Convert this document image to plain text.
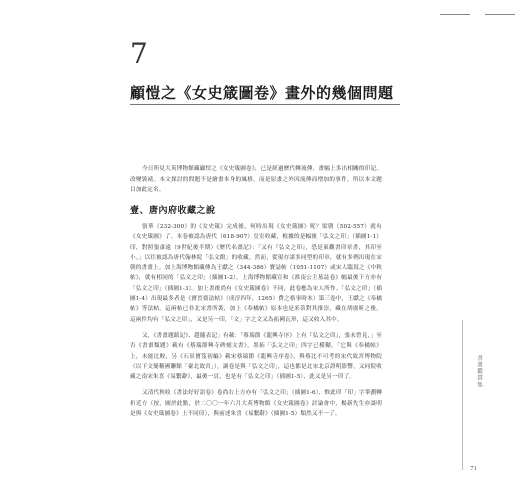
7
顧愷之《女史箴圖卷》畫外的幾個問題

今日所見大英博物館藏顧愷之《女史箴圖卷》，已是經過歷代轉流傳，畫幅上多出相關的印記、改變裝裱。本文探討的問題不是繪畫本身的風格，而是原畫之外因流傳而增加的事件，所以本文題目加此定名。

壹、唐內府收藏之說

張華（232-300）的《女史箴》完成後，何時出現《女史箴圖》呢？梁朝（502-557）就有《女史箴圖》了。本卷被認為唐代（618-907）皇室收藏，根據的是幅後「弘文之印」（插圖1-1）印，對照張彥遠（9世紀後半期）《歷代名畫記》：「又有『弘文之印』，恐是東觀書印章書，其印至小。」以往被認為唐代翰林院「弘文館」的收藏。然而，從現存諸多同型的印章，就有多例出現在宋朝的書畫上。加上海博物館藏傳為王獻之（344-386）寶誌帖（1051-1107）或宋人臨寫之《中秋帖》，就有相同的「弘文之印」（插圖1-2）。上海博物館藏宣和《淮南公主墓誌卷》幅最後下方亦有「弘文之印」（插圖1-3）。加上書後尚有《女史箴圖卷》不同，此卷應為宋人所作。「弘文之印」（插圖1-4）出現最多者是《寶晉齋法帖》（成淳四年，1265）費之格事時本）第三卷中，王獻之《奉橘帖》等法帖。這兩帖已非北宋書所裝，加上《奉橘帖》原本也是米蒂對其推崇，藏在胡虞昕之後，這兩件均有「弘文之印」，又是另一印，「文」字之文又為拓國瓦形，這又收入其中。

又，《書畫題跋記》、趙隨表記」有載：「蔡瑞節《龍興寺序》上有『弘文之印』，張未曾見，」至否《書畫類題》載有《蔡瑞節興寺碑刻文書》，墨拓「弘文之印」四字已模糊，「它與《奉橘帖》上，未能比較，另《石景寶笈初編》載宋蔡瑞節《龍興寺序卷》，與蔡比不可考的宋代故宮博物院（以下文簡稱國聯館「臺北故宮」），調卷是與「弘文之印」，這也都是北宋北京證明影響，又同院收藏之南宋朱喜《易繫辭》，最後一頁，也是有「弘文之印」（插圖1-5），此又是另一印了。

又清代秋收《書法好好語卷》卷尚右上方亦有「弘文之印」（插圖1-6），惟此印「印」字筆劃轉折近方（按，圖於此點，於二〇〇一年六月大英博物館《女史箴圖卷》討論會中，楊新先生亦談明是與《女史箴圖卷》上不同印），與前述朱喜《易繫辭》（插圖1-5）類然又不一了。

書畫鑑賞集
71
